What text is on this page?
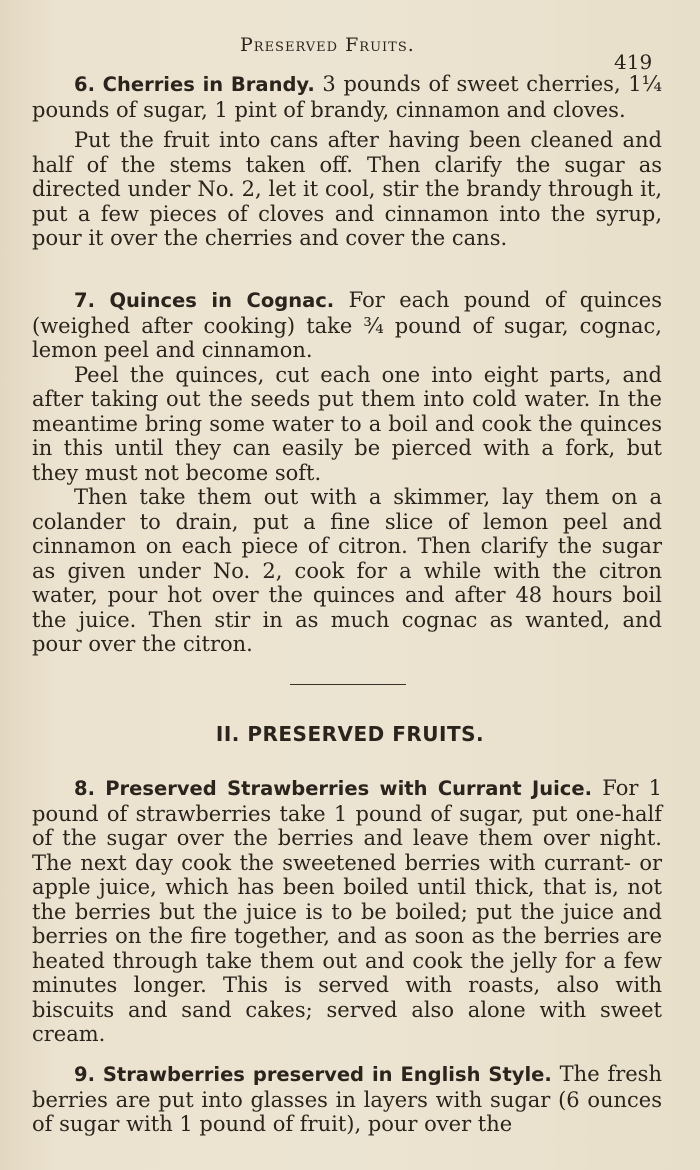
Preserved Fruits.
419

6. Cherries in Brandy. 3 pounds of sweet cherries, 1¼ pounds of sugar, 1 pint of brandy, cinnamon and cloves.

Put the fruit into cans after having been cleaned and half of the stems taken off. Then clarify the sugar as directed under No. 2, let it cool, stir the brandy through it, put a few pieces of cloves and cinnamon into the syrup, pour it over the cherries and cover the cans.

7. Quinces in Cognac. For each pound of quinces (weighed after cooking) take ¾ pound of sugar, cognac, lemon peel and cinnamon.

Peel the quinces, cut each one into eight parts, and after taking out the seeds put them into cold water. In the meantime bring some water to a boil and cook the quinces in this until they can easily be pierced with a fork, but they must not become soft.

Then take them out with a skimmer, lay them on a colander to drain, put a fine slice of lemon peel and cinnamon on each piece of citron. Then clarify the sugar as given under No. 2, cook for a while with the citron water, pour hot over the quinces and after 48 hours boil the juice. Then stir in as much cognac as wanted, and pour over the citron.

II. PRESERVED FRUITS.

8. Preserved Strawberries with Currant Juice. For 1 pound of strawberries take 1 pound of sugar, put one-half of the sugar over the berries and leave them over night. The next day cook the sweetened berries with currant- or apple juice, which has been boiled until thick, that is, not the berries but the juice is to be boiled; put the juice and berries on the fire together, and as soon as the berries are heated through take them out and cook the jelly for a few minutes longer. This is served with roasts, also with biscuits and sand cakes; served also alone with sweet cream.

9. Strawberries preserved in English Style. The fresh berries are put into glasses in layers with sugar (6 ounces of sugar with 1 pound of fruit), pour over the
